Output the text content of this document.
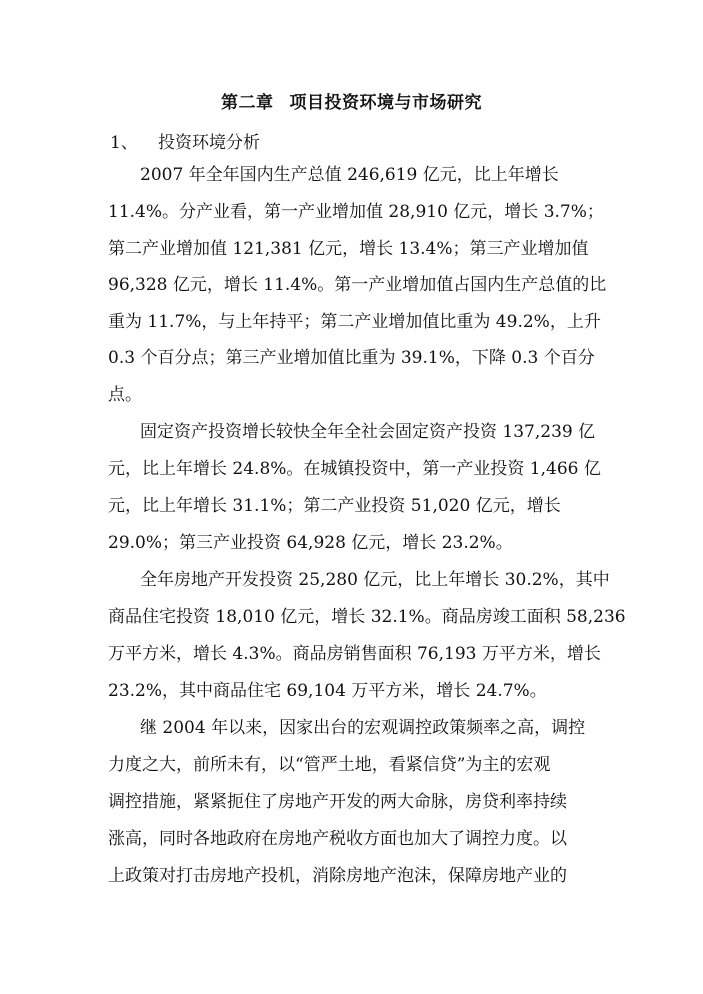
第二章 项目投资环境与市场研究
1、 投资环境分析
2007 年全年国内生产总值 246,619 亿元，比上年增长
11.4%。分产业看，第一产业增加值 28,910 亿元，增长 3.7%；
第二产业增加值 121,381 亿元，增长 13.4%；第三产业增加值
96,328 亿元，增长 11.4%。第一产业增加值占国内生产总值的比
重为 11.7%，与上年持平；第二产业增加值比重为 49.2%，上升
0.3 个百分点；第三产业增加值比重为 39.1%，下降 0.3 个百分
点。
固定资产投资增长较快全年全社会固定资产投资 137,239 亿
元，比上年增长 24.8%。在城镇投资中，第一产业投资 1,466 亿
元，比上年增长 31.1%；第二产业投资 51,020 亿元，增长
29.0%；第三产业投资 64,928 亿元，增长 23.2%。
全年房地产开发投资 25,280 亿元，比上年增长 30.2%，其中
商品住宅投资 18,010 亿元，增长 32.1%。商品房竣工面积 58,236
万平方米，增长 4.3%。商品房销售面积 76,193 万平方米，增长
23.2%，其中商品住宅 69,104 万平方米，增长 24.7%。
继 2004 年以来，因家出台的宏观调控政策频率之高，调控
力度之大，前所未有，以“管严土地，看紧信贷”为主的宏观
调控措施，紧紧扼住了房地产开发的两大命脉，房贷利率持续
涨高，同时各地政府在房地产税收方面也加大了调控力度。以
上政策对打击房地产投机，消除房地产泡沫，保障房地产业的
